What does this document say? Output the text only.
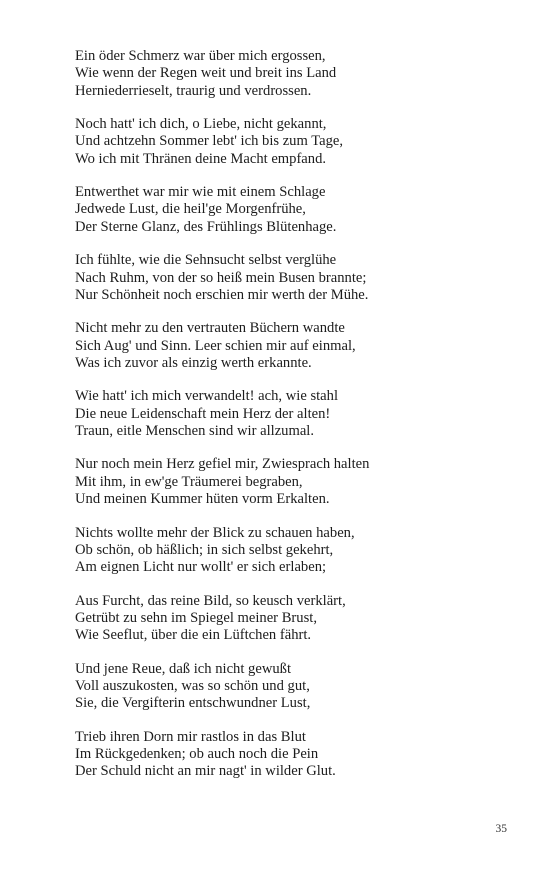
Ein öder Schmerz war über mich ergossen,
Wie wenn der Regen weit und breit ins Land
Herniederrieselt, traurig und verdrossen.
Noch hatt' ich dich, o Liebe, nicht gekannt,
Und achtzehn Sommer lebt' ich bis zum Tage,
Wo ich mit Thränen deine Macht empfand.
Entwerthet war mir wie mit einem Schlage
Jedwede Lust, die heil'ge Morgenfrühe,
Der Sterne Glanz, des Frühlings Blütenhage.
Ich fühlte, wie die Sehnsucht selbst verglühe
Nach Ruhm, von der so heiß mein Busen brannte;
Nur Schönheit noch erschien mir werth der Mühe.
Nicht mehr zu den vertrauten Büchern wandte
Sich Aug' und Sinn. Leer schien mir auf einmal,
Was ich zuvor als einzig werth erkannte.
Wie hatt' ich mich verwandelt! ach, wie stahl
Die neue Leidenschaft mein Herz der alten!
Traun, eitle Menschen sind wir allzumal.
Nur noch mein Herz gefiel mir, Zwiesprach halten
Mit ihm, in ew'ge Träumerei begraben,
Und meinen Kummer hüten vorm Erkalten.
Nichts wollte mehr der Blick zu schauen haben,
Ob schön, ob häßlich; in sich selbst gekehrt,
Am eignen Licht nur wollt' er sich erlaben;
Aus Furcht, das reine Bild, so keusch verklärt,
Getrübt zu sehn im Spiegel meiner Brust,
Wie Seeflut, über die ein Lüftchen fährt.
Und jene Reue, daß ich nicht gewußt
Voll auszukosten, was so schön und gut,
Sie, die Vergifterin entschwundner Lust,
Trieb ihren Dorn mir rastlos in das Blut
Im Rückgedenken; ob auch noch die Pein
Der Schuld nicht an mir nagt' in wilder Glut.
35
